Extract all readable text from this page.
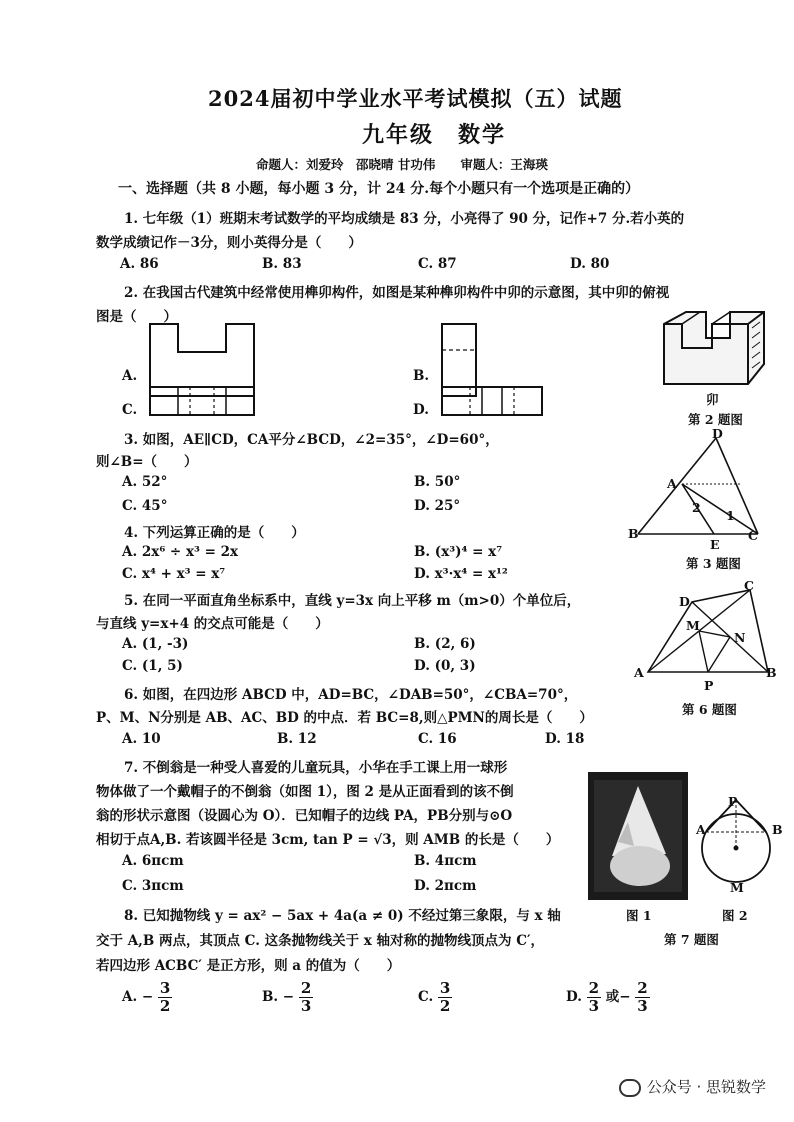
2024届初中学业水平考试模拟（五）试题
九年级　数学
命题人：刘爱玲　邵晓晴 甘功伟　　审题人：王海瑛
一、选择题（共 8 小题，每小题 3 分，计 24 分.每个小题只有一个选项是正确的）
1. 七年级（1）班期末考试数学的平均成绩是 83 分，小亮得了 90 分，记作+7 分.若小英的
数学成绩记作－3分，则小英得分是（　　）
A. 86	B. 83	C. 87	D. 80
2. 在我国古代建筑中经常使用榫卯构件，如图是某种榫卯构件中卯的示意图，其中卯的俯视
图是（　　）
A.	B.
C.	D.
卯
第 2 题图
3. 如图，AE∥CD，CA平分∠BCD，∠2=35°，∠D=60°，
则∠B=（　　）
A. 52°	B. 50°
C. 45°	D. 25°
D
A
2
1
B
E
C
第 3 题图
4. 下列运算正确的是（　　）
A. 2x⁶ ÷ x³ = 2x	B. (x³)⁴ = x⁷
C. x⁴ + x³ = x⁷	D. x³·x⁴ = x¹²
5. 在同一平面直角坐标系中，直线 y=3x 向上平移 m（m>0）个单位后，
与直线 y=x+4 的交点可能是（　　）
A. (1, -3)	B. (2, 6)
C. (1, 5)	D. (0, 3)
C
D
M
N
A
P
B
第 6 题图
6. 如图，在四边形 ABCD 中，AD=BC，∠DAB=50°，∠CBA=70°，
P、M、N分别是 AB、AC、BD 的中点．若 BC=8,则△PMN的周长是（　　）
A. 10	B. 12	C. 16	D. 18
7. 不倒翁是一种受人喜爱的儿童玩具，小华在手工课上用一球形
物体做了一个戴帽子的不倒翁（如图 1），图 2 是从正面看到的该不倒
翁的形状示意图（设圆心为 O）．已知帽子的边线 PA，PB分别与⊙O
相切于点A,B. 若该圆半径是 3cm, tan P = √3，则 AMB 的长是（　　）
A. 6πcm	B. 4πcm
C. 3πcm	D. 2πcm
图 1
P
A	B
M
图 2
第 7 题图
8. 已知抛物线 y = ax² − 5ax + 4a(a ≠ 0) 不经过第三象限，与 x 轴
交于 A,B 两点，其顶点 C. 这条抛物线关于 x 轴对称的抛物线顶点为 C′，
若四边形 ACBC′ 是正方形，则 a 的值为（　　）
A. − $\frac{3}{2}$	B. − $\frac{2}{3}$	C. $\frac{3}{2}$	D. $\frac{2}{3}$ 或− $\frac{2}{3}$
公众号 · 思锐数学
